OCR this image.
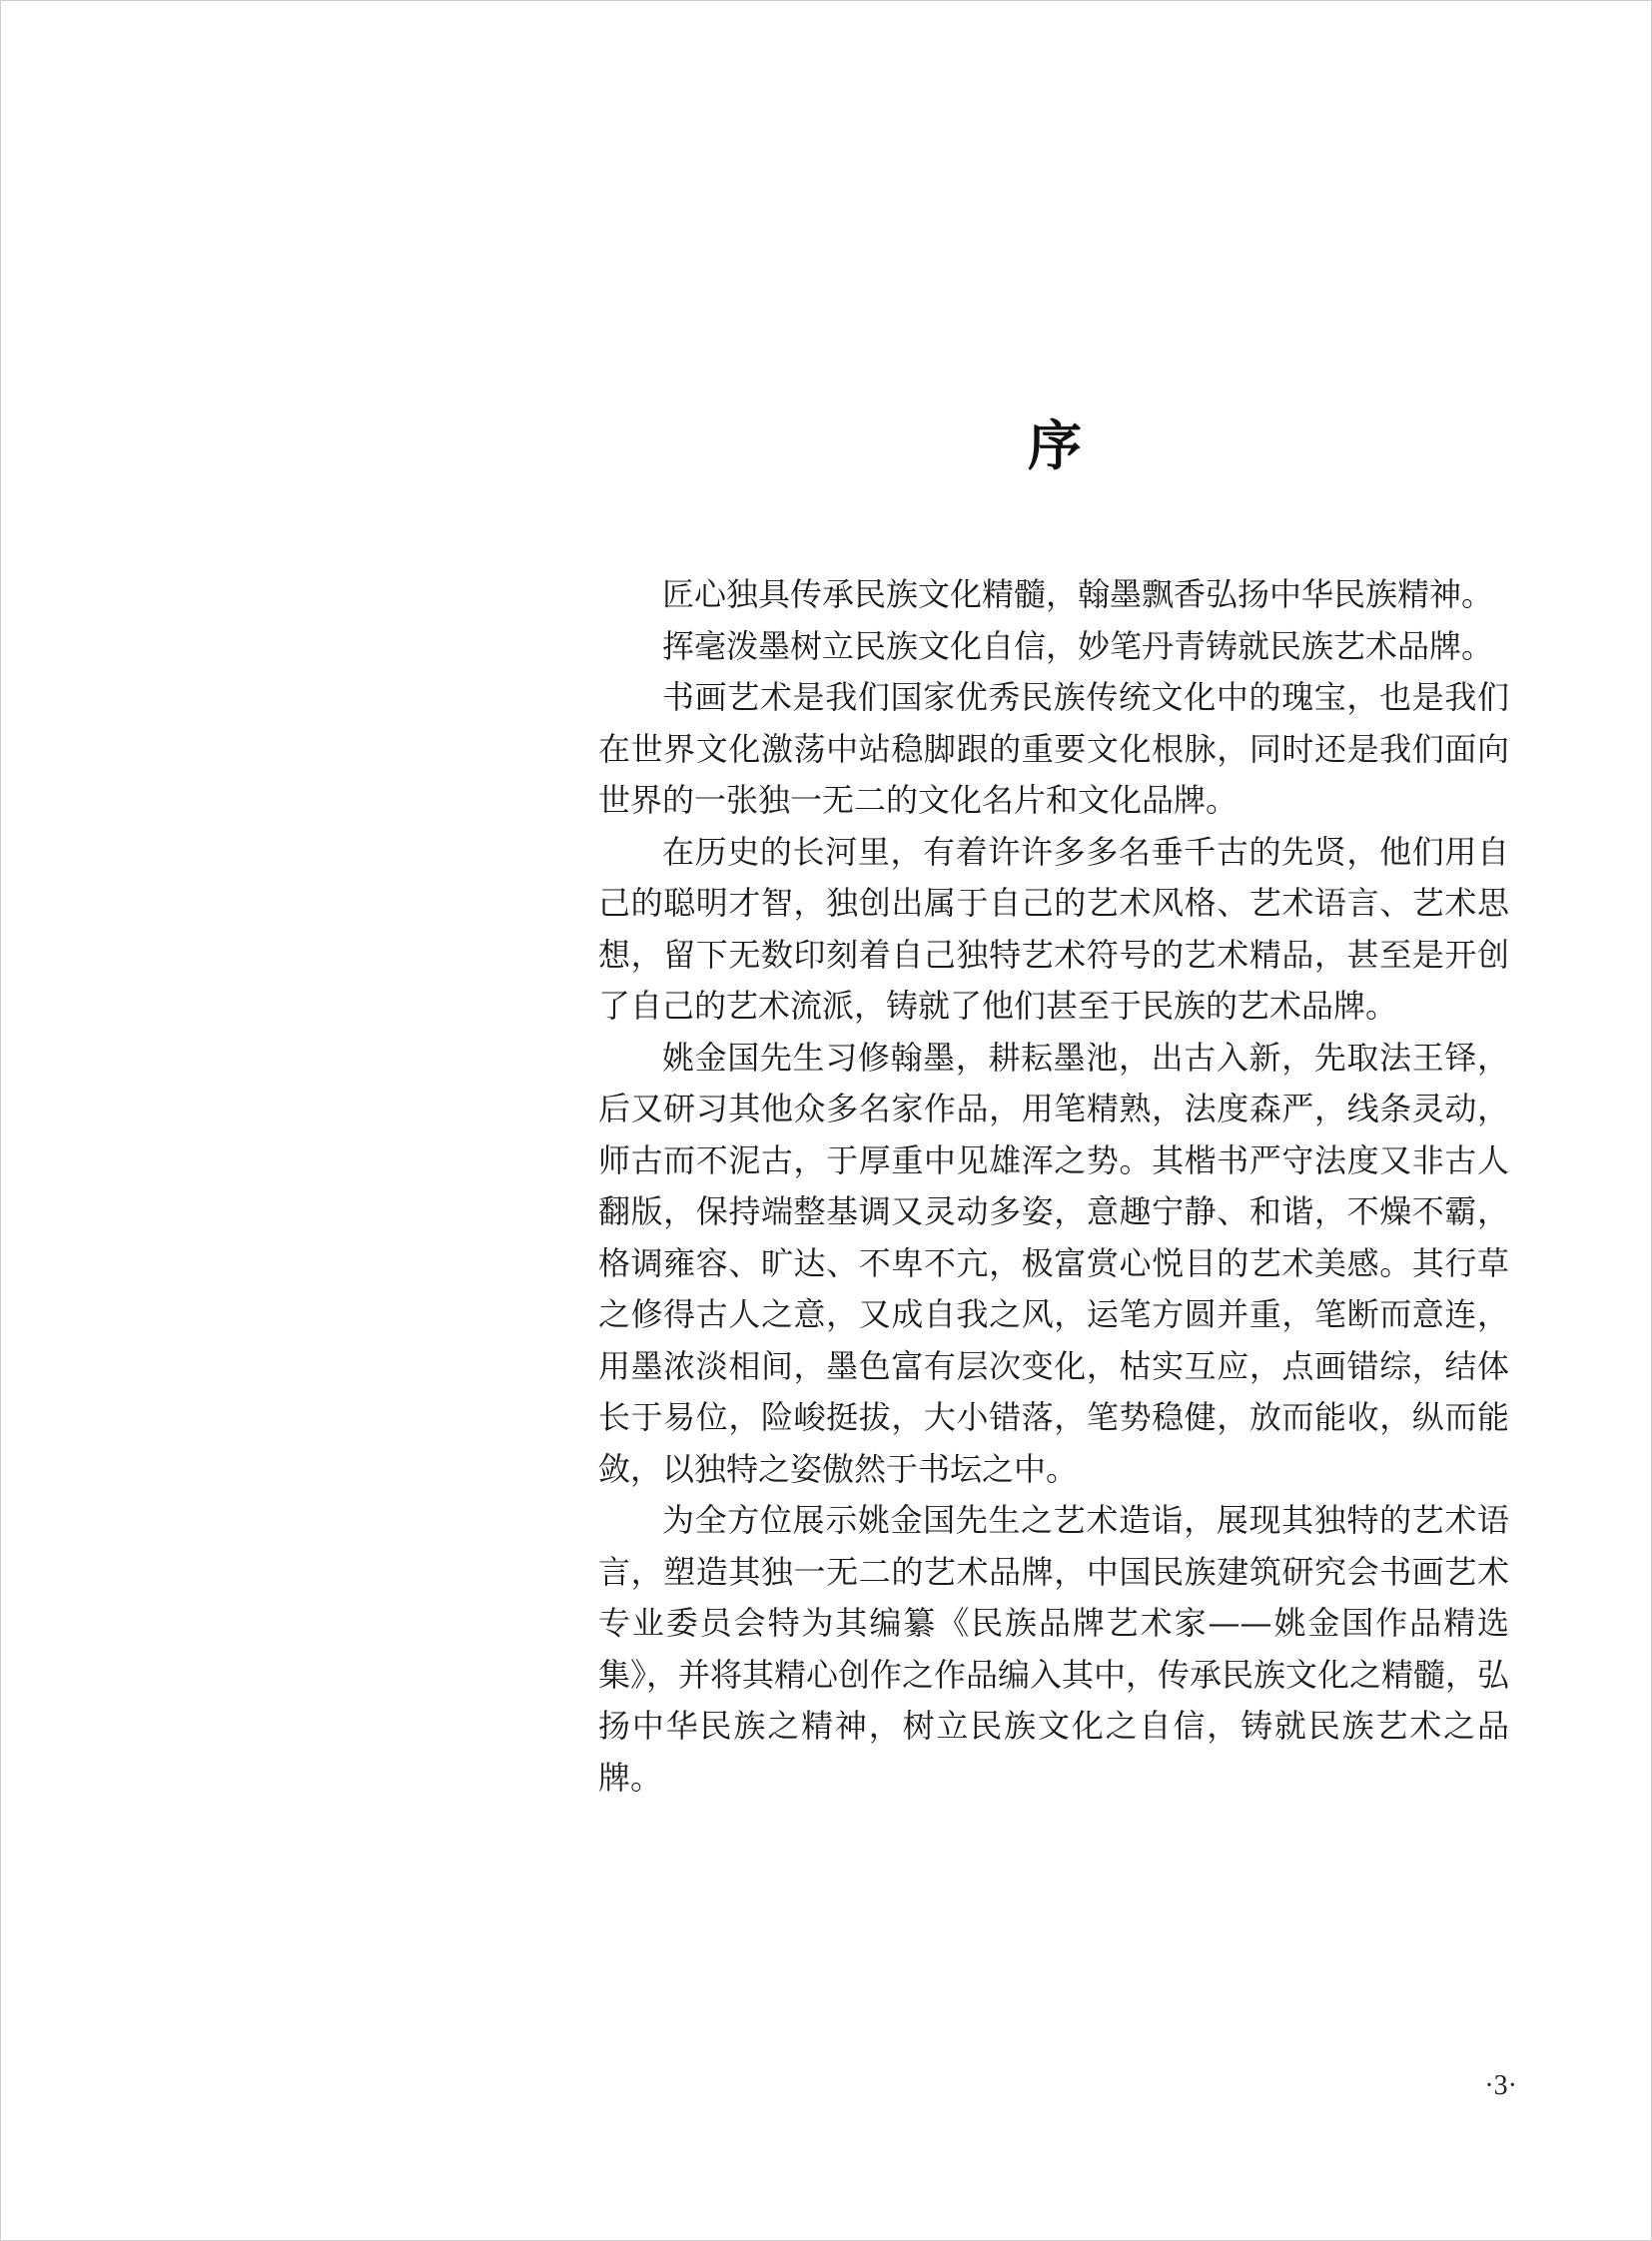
序

匠心独具传承民族文化精髓，翰墨飘香弘扬中华民族精神。

挥毫泼墨树立民族文化自信，妙笔丹青铸就民族艺术品牌。

书画艺术是我们国家优秀民族传统文化中的瑰宝，也是我们在世界文化激荡中站稳脚跟的重要文化根脉，同时还是我们面向世界的一张独一无二的文化名片和文化品牌。

在历史的长河里，有着许许多多名垂千古的先贤，他们用自己的聪明才智，独创出属于自己的艺术风格、艺术语言、艺术思想，留下无数印刻着自己独特艺术符号的艺术精品，甚至是开创了自己的艺术流派，铸就了他们甚至于民族的艺术品牌。

姚金国先生习修翰墨，耕耘墨池，出古入新，先取法王铎，后又研习其他众多名家作品，用笔精熟，法度森严，线条灵动，师古而不泥古，于厚重中见雄浑之势。其楷书严守法度又非古人翻版，保持端整基调又灵动多姿，意趣宁静、和谐，不燥不霸，格调雍容、旷达、不卑不亢，极富赏心悦目的艺术美感。其行草之修得古人之意，又成自我之风，运笔方圆并重，笔断而意连，用墨浓淡相间，墨色富有层次变化，枯实互应，点画错综，结体长于易位，险峻挺拔，大小错落，笔势稳健，放而能收，纵而能敛，以独特之姿傲然于书坛之中。

为全方位展示姚金国先生之艺术造诣，展现其独特的艺术语言，塑造其独一无二的艺术品牌，中国民族建筑研究会书画艺术专业委员会特为其编纂《民族品牌艺术家——姚金国作品精选集》，并将其精心创作之作品编入其中，传承民族文化之精髓，弘扬中华民族之精神，树立民族文化之自信，铸就民族艺术之品牌。

·3·
